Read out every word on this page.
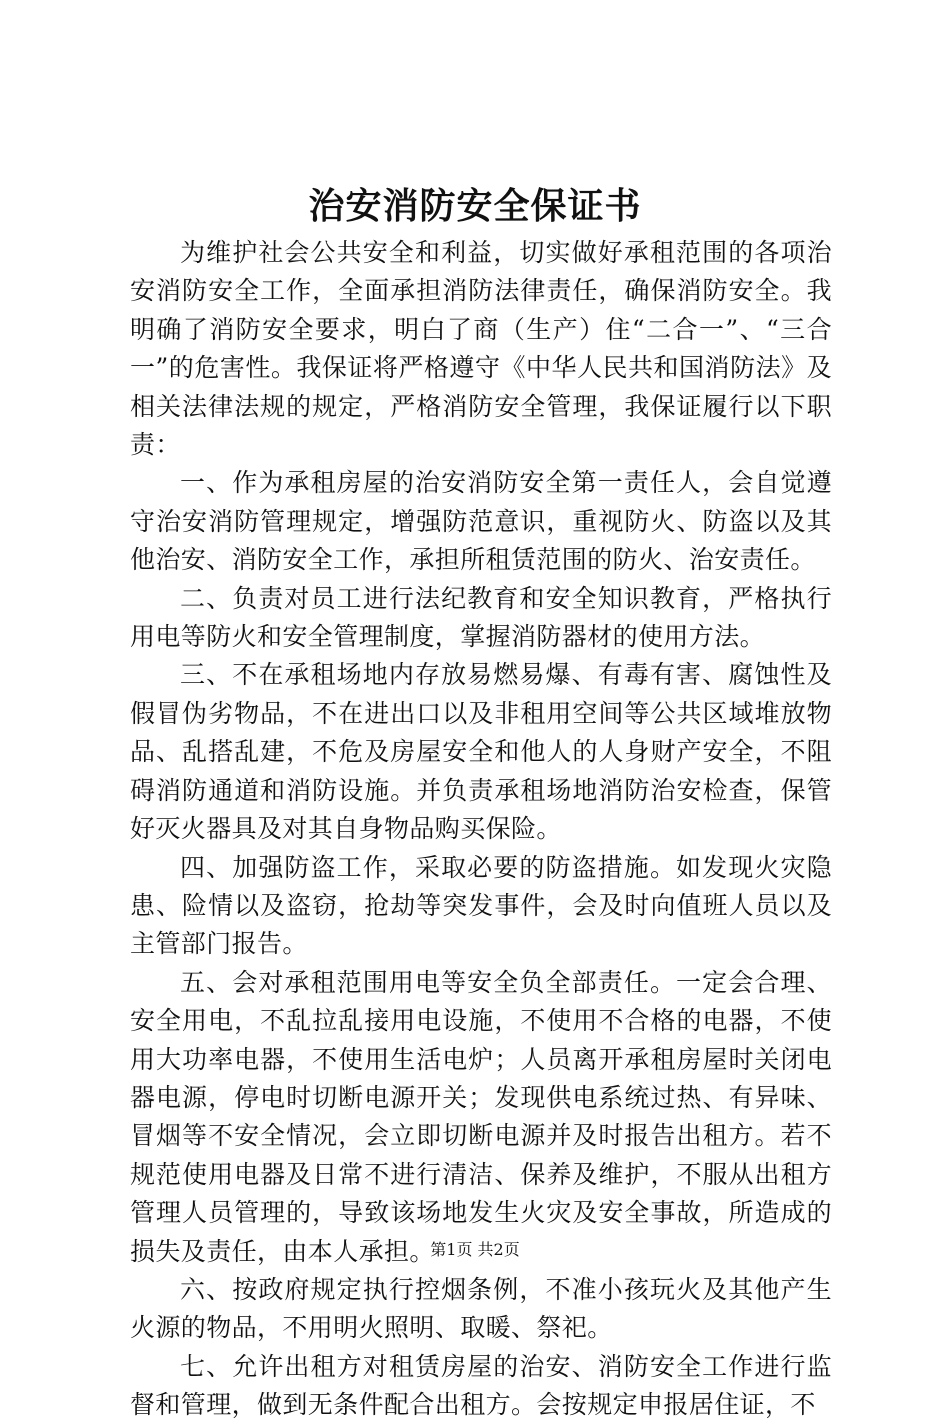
治安消防安全保证书

为维护社会公共安全和利益，切实做好承租范围的各项治安消防安全工作，全面承担消防法律责任，确保消防安全。我明确了消防安全要求，明白了商（生产）住“二合一”、“三合一”的危害性。我保证将严格遵守《中华人民共和国消防法》及相关法律法规的规定，严格消防安全管理，我保证履行以下职责：

一、作为承租房屋的治安消防安全第一责任人，会自觉遵守治安消防管理规定，增强防范意识，重视防火、防盗以及其他治安、消防安全工作，承担所租赁范围的防火、治安责任。

二、负责对员工进行法纪教育和安全知识教育，严格执行用电等防火和安全管理制度，掌握消防器材的使用方法。

三、不在承租场地内存放易燃易爆、有毒有害、腐蚀性及假冒伪劣物品，不在进出口以及非租用空间等公共区域堆放物品、乱搭乱建，不危及房屋安全和他人的人身财产安全，不阻碍消防通道和消防设施。并负责承租场地消防治安检查，保管好灭火器具及对其自身物品购买保险。

四、加强防盗工作，采取必要的防盗措施。如发现火灾隐患、险情以及盗窃，抢劫等突发事件，会及时向值班人员以及主管部门报告。

五、会对承租范围用电等安全负全部责任。一定会合理、安全用电，不乱拉乱接用电设施，不使用不合格的电器，不使用大功率电器，不使用生活电炉；人员离开承租房屋时关闭电器电源，停电时切断电源开关；发现供电系统过热、有异味、冒烟等不安全情况，会立即切断电源并及时报告出租方。若不规范使用电器及日常不进行清洁、保养及维护，不服从出租方管理人员管理的，导致该场地发生火灾及安全事故，所造成的损失及责任，由本人承担。

六、按政府规定执行控烟条例，不准小孩玩火及其他产生火源的物品，不用明火照明、取暖、祭祀。

七、允许出租方对租赁房屋的治安、消防安全工作进行监督和管理，做到无条件配合出租方。会按规定申报居住证，不

第1页 共2页
